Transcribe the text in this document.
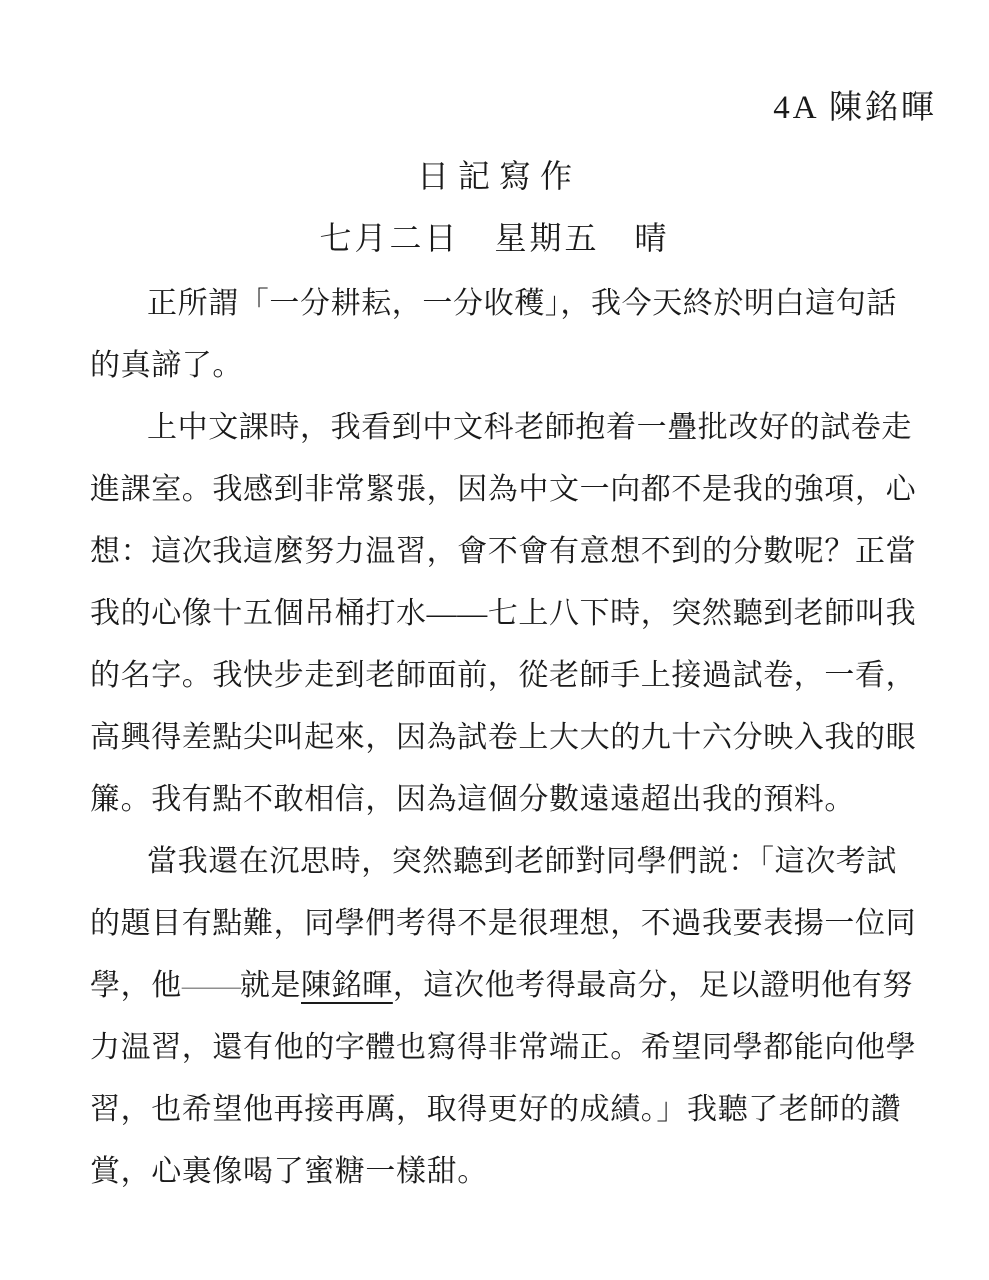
4A 陳銘暉
日記寫作
七月二日　星期五　晴
正所謂「一分耕耘，一分收穫」，我今天終於明白這句話
的真諦了。
上中文課時，我看到中文科老師抱着一疊批改好的試卷走
進課室。我感到非常緊張，因為中文一向都不是我的強項，心
想：這次我這麼努力温習，會不會有意想不到的分數呢？正當
我的心像十五個吊桶打水——七上八下時，突然聽到老師叫我
的名字。我快步走到老師面前，從老師手上接過試卷，一看，
高興得差點尖叫起來，因為試卷上大大的九十六分映入我的眼
簾。我有點不敢相信，因為這個分數遠遠超出我的預料。
當我還在沉思時，突然聽到老師對同學們説：「這次考試
的題目有點難，同學們考得不是很理想，不過我要表揚一位同
學，他——就是陳銘暉，這次他考得最高分，足以證明他有努
力温習，還有他的字體也寫得非常端正。希望同學都能向他學
習，也希望他再接再厲，取得更好的成績。」我聽了老師的讚
賞，心裏像喝了蜜糖一樣甜。
